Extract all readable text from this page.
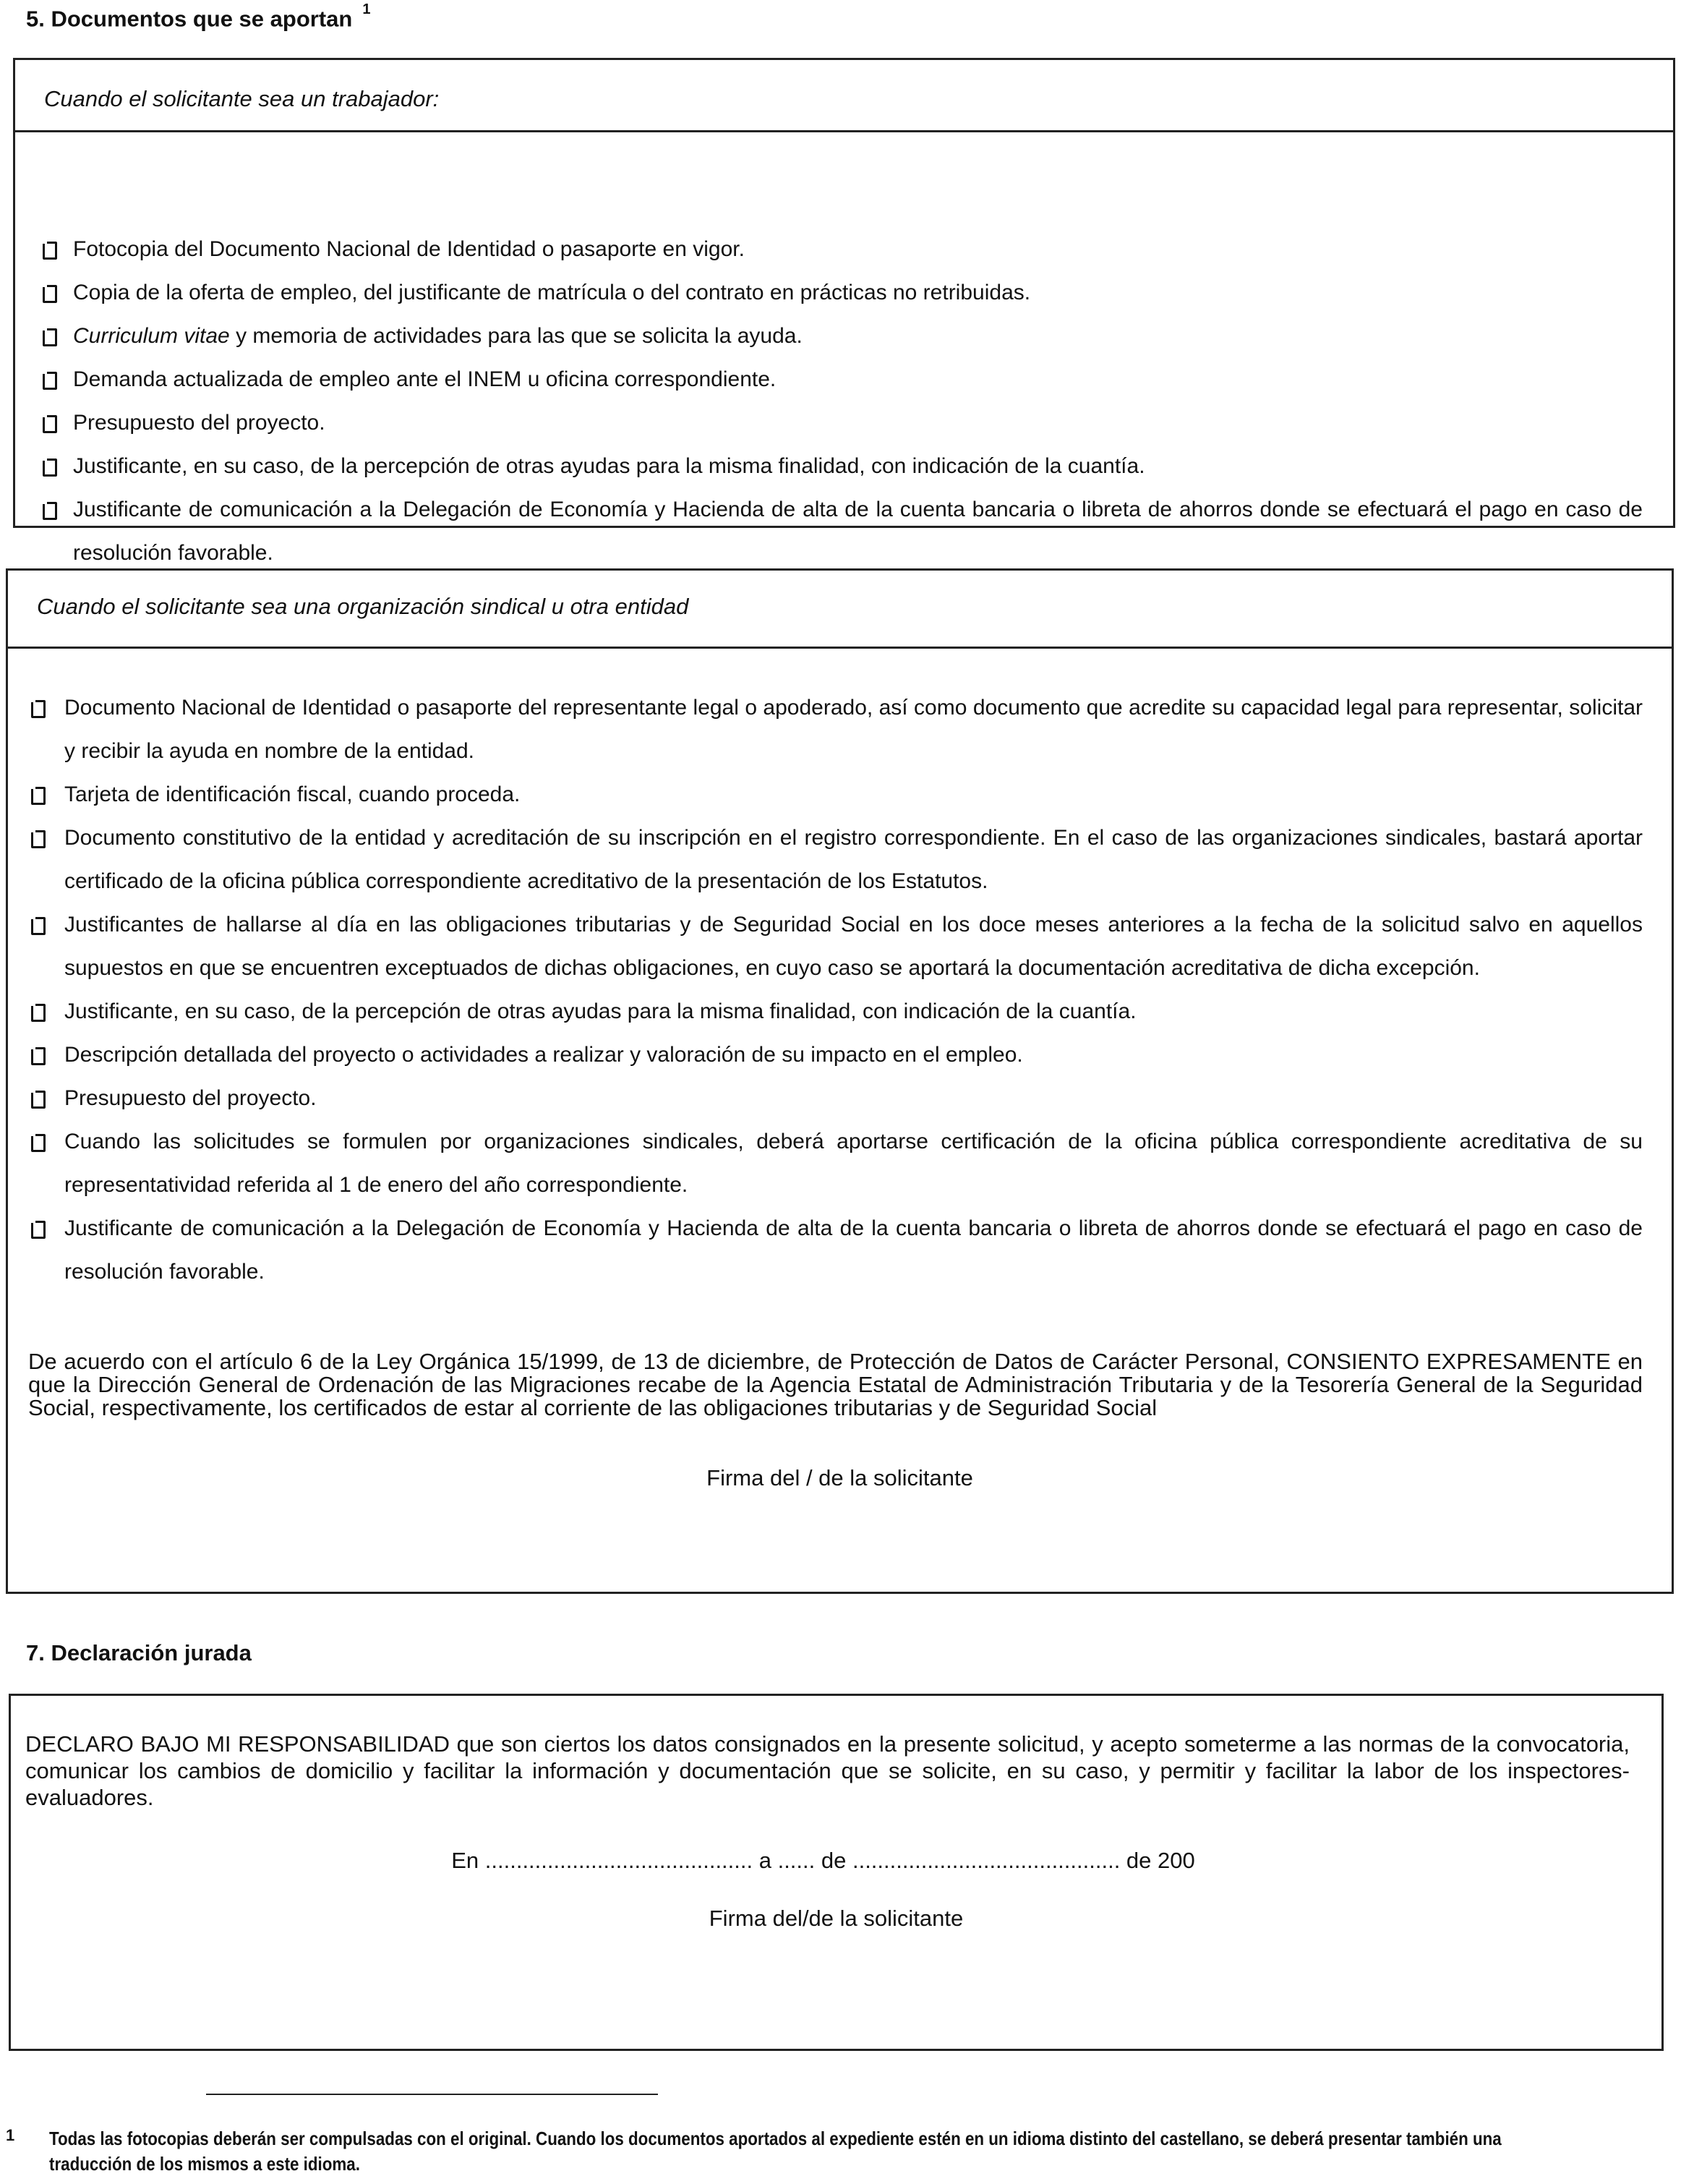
5. Documentos que se aportan $^1$
Cuando el solicitante sea un trabajador:
Fotocopia del Documento Nacional de Identidad o pasaporte en vigor.
Copia de la oferta de empleo, del justificante de matrícula o del contrato en prácticas no retribuidas.
Curriculum vitae y memoria de actividades para las que se solicita la ayuda.
Demanda actualizada de empleo ante el INEM u oficina correspondiente.
Presupuesto del proyecto.
Justificante, en su caso, de la percepción de otras ayudas para la misma finalidad, con indicación de la cuantía.
Justificante de comunicación a la Delegación de Economía y Hacienda de alta de la cuenta bancaria o libreta de ahorros donde se efectuará el pago en caso de resolución favorable.
Cuando el solicitante sea una organización sindical u otra entidad
Documento Nacional de Identidad o pasaporte del representante legal o apoderado, así como documento que acredite su capacidad legal para representar, solicitar y recibir la ayuda en nombre de la entidad.
Tarjeta de identificación fiscal, cuando proceda.
Documento constitutivo de la entidad y acreditación de su inscripción en el registro correspondiente. En el caso de las organizaciones sindicales, bastará aportar certificado de la oficina pública correspondiente acreditativo de la presentación de los Estatutos.
Justificantes de hallarse al día en las obligaciones tributarias y de Seguridad Social en los doce meses anteriores a la fecha de la solicitud salvo en aquellos supuestos en que se encuentren exceptuados de dichas obligaciones, en cuyo caso se aportará la documentación acreditativa de dicha excepción.
Justificante, en su caso, de la percepción de otras ayudas para la misma finalidad, con indicación de la cuantía.
Descripción detallada del proyecto o actividades a realizar y valoración de su impacto en el empleo.
Presupuesto del proyecto.
Cuando las solicitudes se formulen por organizaciones sindicales, deberá aportarse certificación de la oficina pública correspondiente acreditativa de su representatividad referida al 1 de enero del año correspondiente.
Justificante de comunicación a la Delegación de Economía y Hacienda de alta de la cuenta bancaria o libreta de ahorros donde se efectuará el pago en caso de resolución favorable.
De acuerdo con el artículo 6 de la Ley Orgánica 15/1999, de 13 de diciembre, de Protección de Datos de Carácter Personal, CONSIENTO EXPRESAMENTE en que la Dirección General de Ordenación de las Migraciones recabe de la Agencia Estatal de Administración Tributaria y de la Tesorería General de la Seguridad Social, respectivamente, los certificados de estar al corriente de las obligaciones tributarias y de Seguridad Social
Firma del / de la solicitante
7. Declaración jurada
DECLARO BAJO MI RESPONSABILIDAD que son ciertos los datos consignados en la presente solicitud, y acepto someterme a las normas de la convocatoria, comunicar los cambios de domicilio y facilitar la información y documentación que se solicite, en su caso, y permitir y facilitar la labor de los inspectores-evaluadores.
En ........................................... a ...... de ........................................... de 200
Firma del/de la solicitante
1 Todas las fotocopias deberán ser compulsadas con el original. Cuando los documentos aportados al expediente estén en un idioma distinto del castellano, se deberá presentar también una traducción de los mismos a este idioma.
